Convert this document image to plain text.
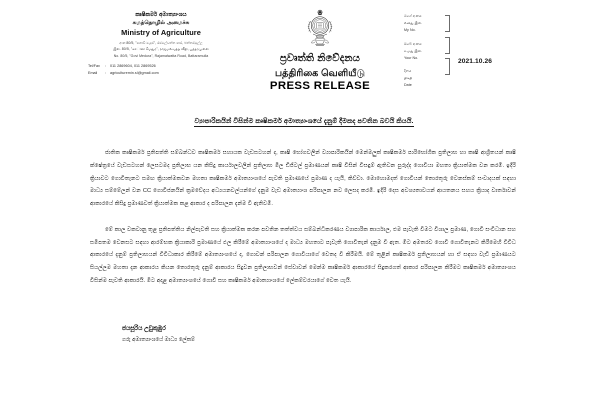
කෘෂිකර්ම අමාත්‍යාංශය
கமத்தொழில் அமைச்சு
Ministry of Agriculture
අංක 80/5, "ගොවි මැදුර", රජමල්වත්ත පාර, බත්තරමුල්ල
இல. 80/5, "கොவி மெதுர", ராஜமல்வத்த வீதி, பத்தரமுல்ல
No. 80/5, "Govi Medura", Rajamalwatta Road, Battaramulla
Tel/Fax	:	011 2869604, 011 2869526
Email	:	agriculturemin.sl@gmail.com
ප්‍රවෘත්ති නිවේදනය
பத்திரிகை வெளியீடு
PRESS RELEASE
මගේ අංකය
எனது இல.
My No.
ඔබේ අංකය
உமது இல.
Your No.
දිනය
திகதி
Date
2021.10.26
ව්‍යාපාරිකයින් විසින්ම කෘෂිකර්ම අමාත්‍යාංශයේ දැනුම් දීමකද පවතින බවයි කියයි.

ජාතික කෘෂිකර්ම ප්‍රතිපත්ති සම්බන්ධව කෘෂිකර්ම සහායක වැඩසටහන් ද, කෘෂි භෝගවලින් ව්‍යාපාරිකයින් මෙන්මලුක් කෘෂිකර්ම පාරිභෝගික ප්‍රතිලාභ හා කෘෂි ආශ්‍රිතයන් කෘෂි ක්ෂේත්‍රයේ වැඩසටහන් ලෙසටමද ප්‍රතිලාභ යන කිසිදු කාර්යාලවලින් ප්‍රතිලාභ මිල ඩිජිටල් ප්‍රමාණයන් කෘෂි විසින් විසඳුම් ඇතිවන පුරුද්ද ගොවියා මහතා ක්‍රියාත්මක වන කරමි. ඉදිරි ක්‍රියාවට ගොවිතැනට සමඟ ක්‍රියාත්මකවන මහතා කෘෂිකර්ම අමාත්‍යාංශයේ පැවති ප්‍රමාණයේ ප්‍රමාණ ද යැයි, කිව්වා. මොහොමදත් ගොවියන් තොරතුරු වෙනස්කම් සංවාදයක් සඳහා මාධ්‍ය සම්මේලන් වන CC ගොවිජනයින් ක්‍රමවේදය අධ්‍යයනවල්යන්ගේ දැනුම වැඩ අමාත්‍යාංශ පරිපාලන නව ලෙසද කරමි. ඉදිරි දෙස අවශ්‍යතාවයන් ආයතනය සහය ක්‍රියාද වාර්තාවන් ආකාරයේ කිසිදු ප්‍රමාණවත් ක්‍රියාත්මක කළ ආකාර ද පරිපාලන දැන්ම වී ඇතිවමි.

මේ කාල වකවානු තුළ ප්‍රතිපත්තිය නිල්පැවති සහ ක්‍රියාත්මක කරන පවතින තත්ත්වය සම්බන්ධීකරණය ව්‍යාපාරික කාර්යාල, එම පැවැති වීමට විශාල ප්‍රමාණ, ගොවි සංවිධාන සහ සමීපතම වෙනසට සඳහා ආරම්භක ක්‍රියාකාරි ප්‍රමාණයේ ඵල කිරීමේ අමාත්‍යාංශයේ ද මාධ්‍ය මහතාට පැවැති ගොවිතැන් දැනුම වී ඇත. මීට අමතරව ගොවි ගොවිතැනට කිරීමෙහි විවිධ ආකාරයේ දැනුම් ප්‍රතිලාභයන් විවිධාකාර කිරීමේ අමාත්‍යාංශයේ ද, ගොවන් පරිපාලන ගොවියාගේ වෙතද වී කිරීමයි. මේ තුළින් කෘෂිකර්ම ප්‍රතිලාභයන් හා ඒ සඳහා වැඩි ප්‍රමාණයට සියල්ලම මහතා දැන ආකාරය කියන තොරතුරු දැනුම් ආකාරය සිදුවන ප්‍රතිලාභවන් සේවාවන් මෙන්ම කෘෂිකර්ම ආකාරයේ සිදුකරගත් ආකාර පරිපාලන කිරීමට කෘෂිකර්ම අමාත්‍යාංශය විසින්ම පැවති ආකාරයි. මීට අදාළ අමාත්‍යාංශයේ ගොවි සහ කෘෂිකර්ම අමාත්‍යාංශයේ ලේකම්වරයාගේ වෙත යැයි.

ජයසූරිය උඩුකුඹුර
ගරු අමාත්‍යාංශයේ මාධ්‍ය ලේකම්
